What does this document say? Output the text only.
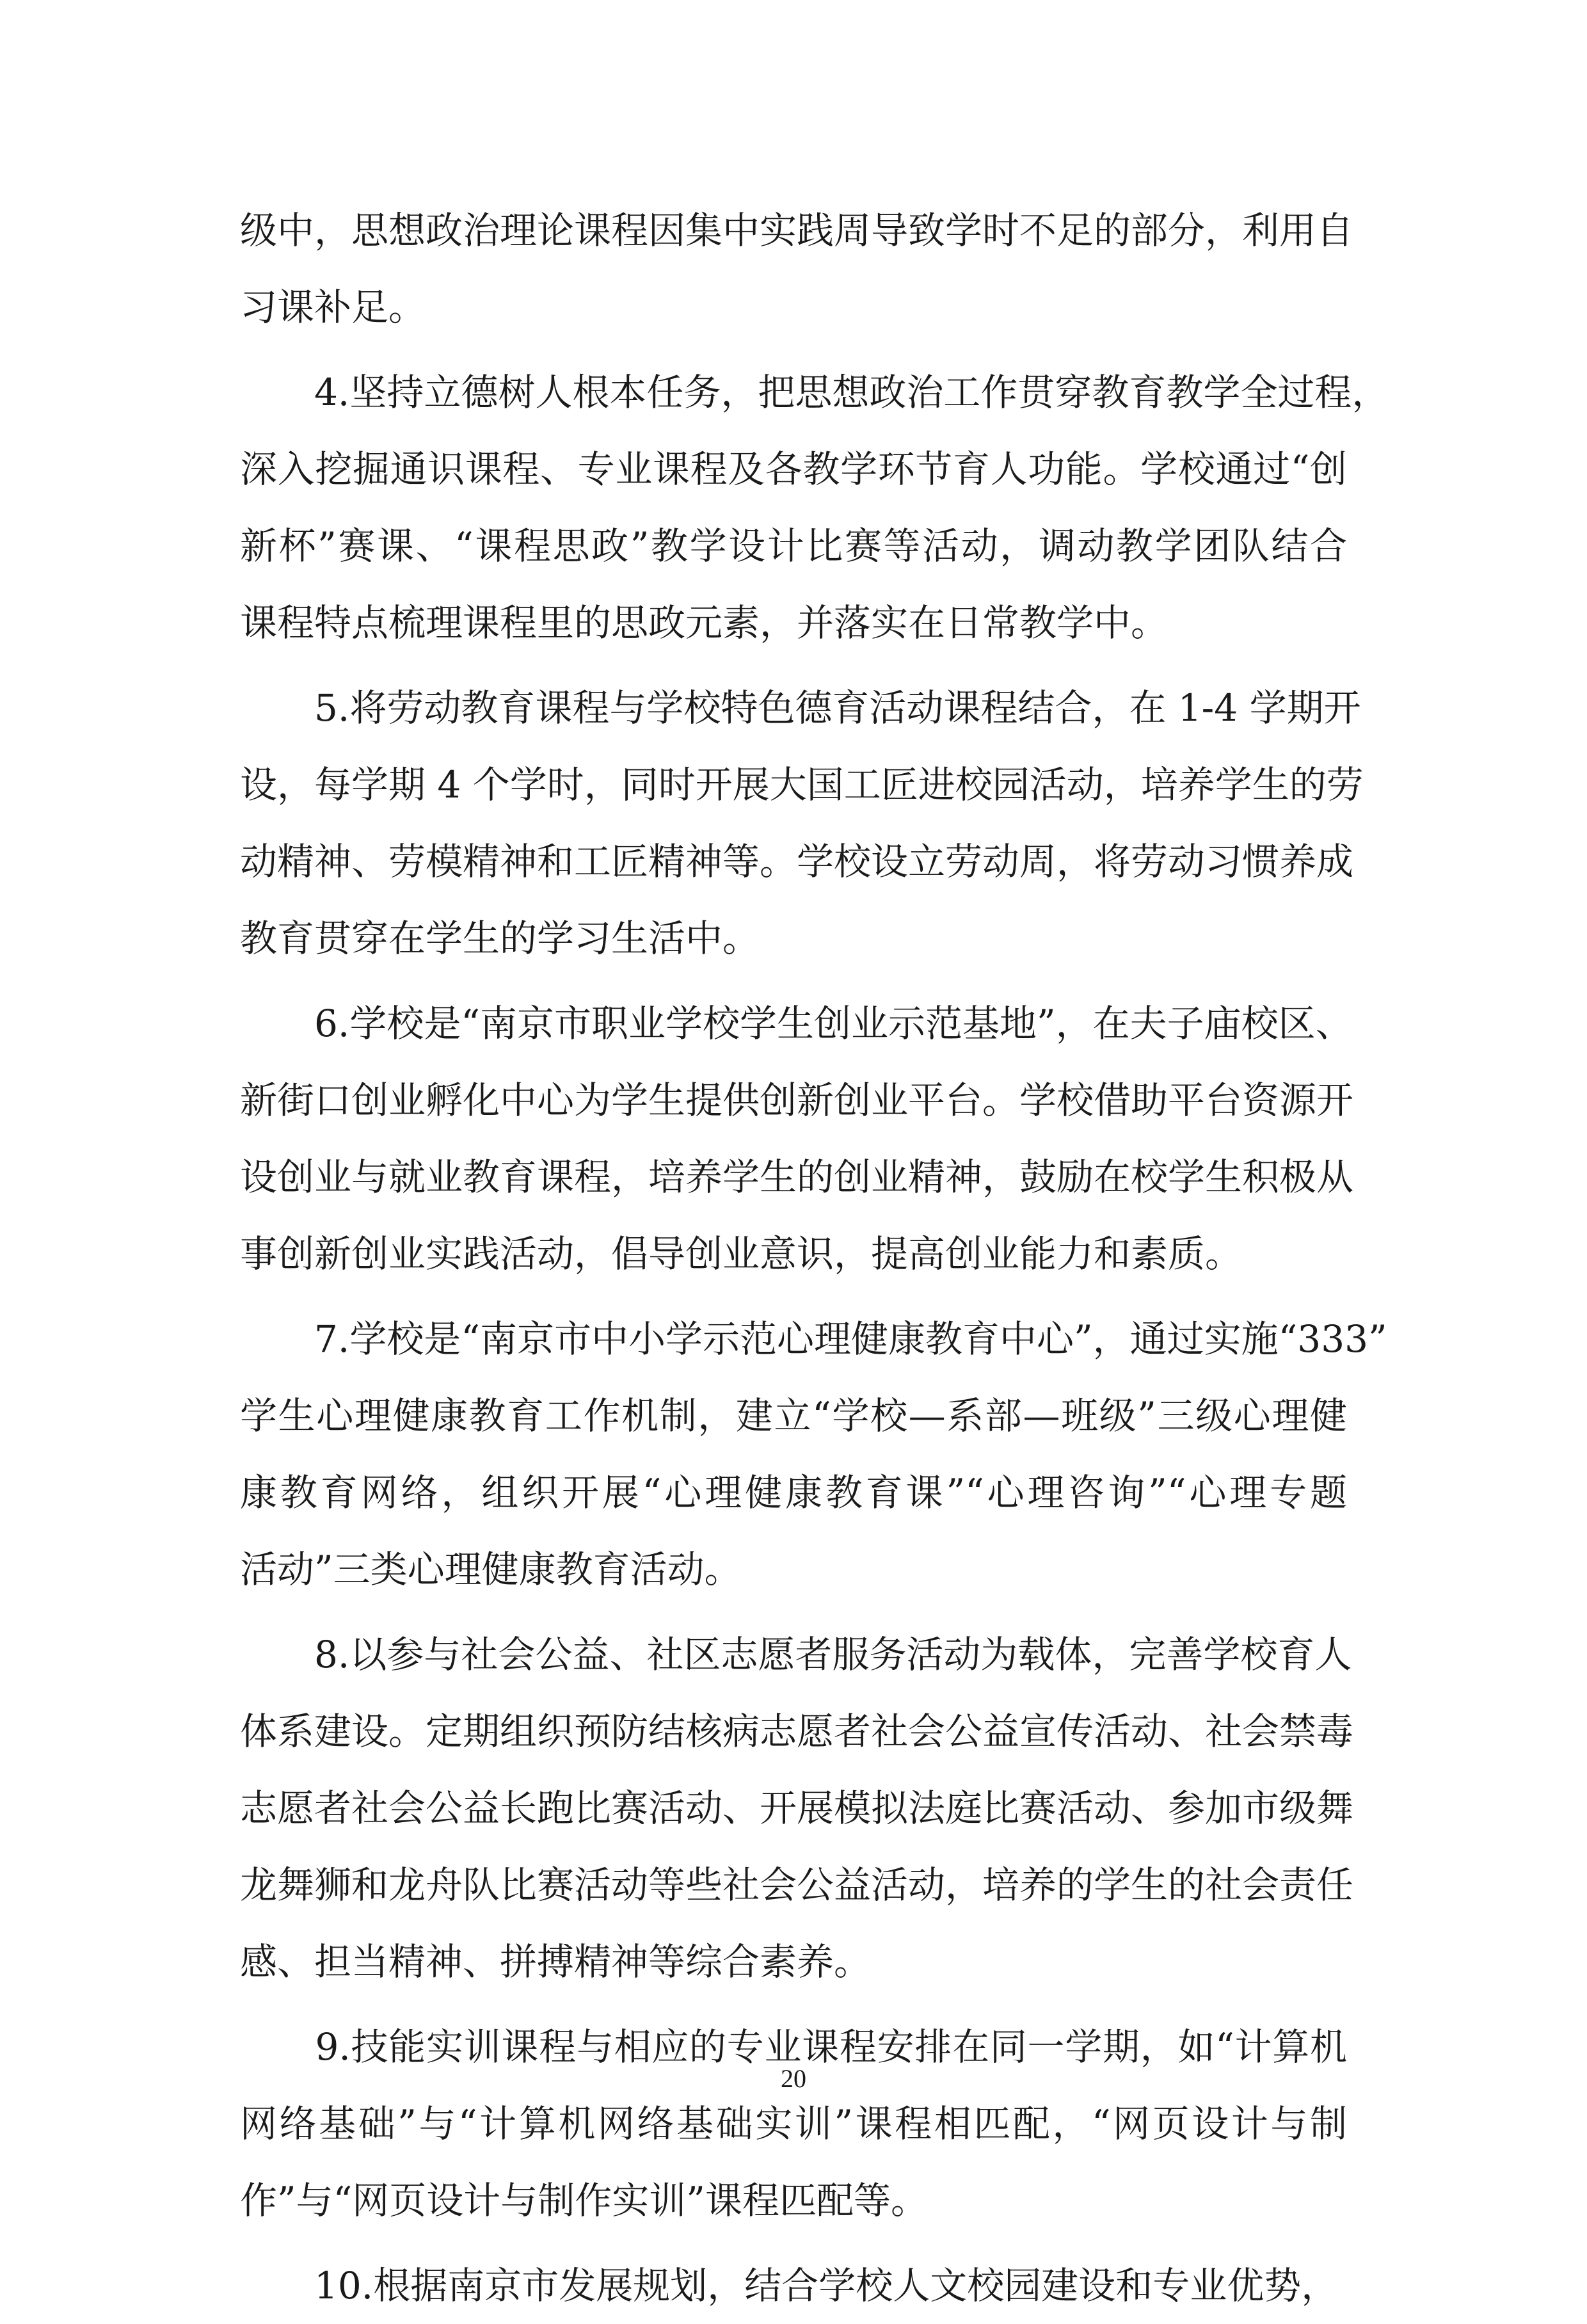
级中，思想政治理论课程因集中实践周导致学时不足的部分，利用自
习课补足。
　　4.坚持立德树人根本任务，把思想政治工作贯穿教育教学全过程，
深入挖掘通识课程、专业课程及各教学环节育人功能。学校通过“创
新杯”赛课、“课程思政”教学设计比赛等活动，调动教学团队结合
课程特点梳理课程里的思政元素，并落实在日常教学中。
　　5.将劳动教育课程与学校特色德育活动课程结合，在 1-4 学期开
设，每学期 4 个学时，同时开展大国工匠进校园活动，培养学生的劳
动精神、劳模精神和工匠精神等。学校设立劳动周，将劳动习惯养成
教育贯穿在学生的学习生活中。
　　6.学校是“南京市职业学校学生创业示范基地”，在夫子庙校区、
新街口创业孵化中心为学生提供创新创业平台。学校借助平台资源开
设创业与就业教育课程，培养学生的创业精神，鼓励在校学生积极从
事创新创业实践活动，倡导创业意识，提高创业能力和素质。
　　7.学校是“南京市中小学示范心理健康教育中心”，通过实施“333”
学生心理健康教育工作机制，建立“学校—系部—班级”三级心理健
康教育网络，组织开展“心理健康教育课”“心理咨询”“心理专题
活动”三类心理健康教育活动。
　　8.以参与社会公益、社区志愿者服务活动为载体，完善学校育人
体系建设。定期组织预防结核病志愿者社会公益宣传活动、社会禁毒
志愿者社会公益长跑比赛活动、开展模拟法庭比赛活动、参加市级舞
龙舞狮和龙舟队比赛活动等些社会公益活动，培养的学生的社会责任
感、担当精神、拼搏精神等综合素养。
　　9.技能实训课程与相应的专业课程安排在同一学期，如“计算机
网络基础”与“计算机网络基础实训”课程相匹配，“网页设计与制
作”与“网页设计与制作实训”课程匹配等。
　　10.根据南京市发展规划，结合学校人文校园建设和专业优势，
20
